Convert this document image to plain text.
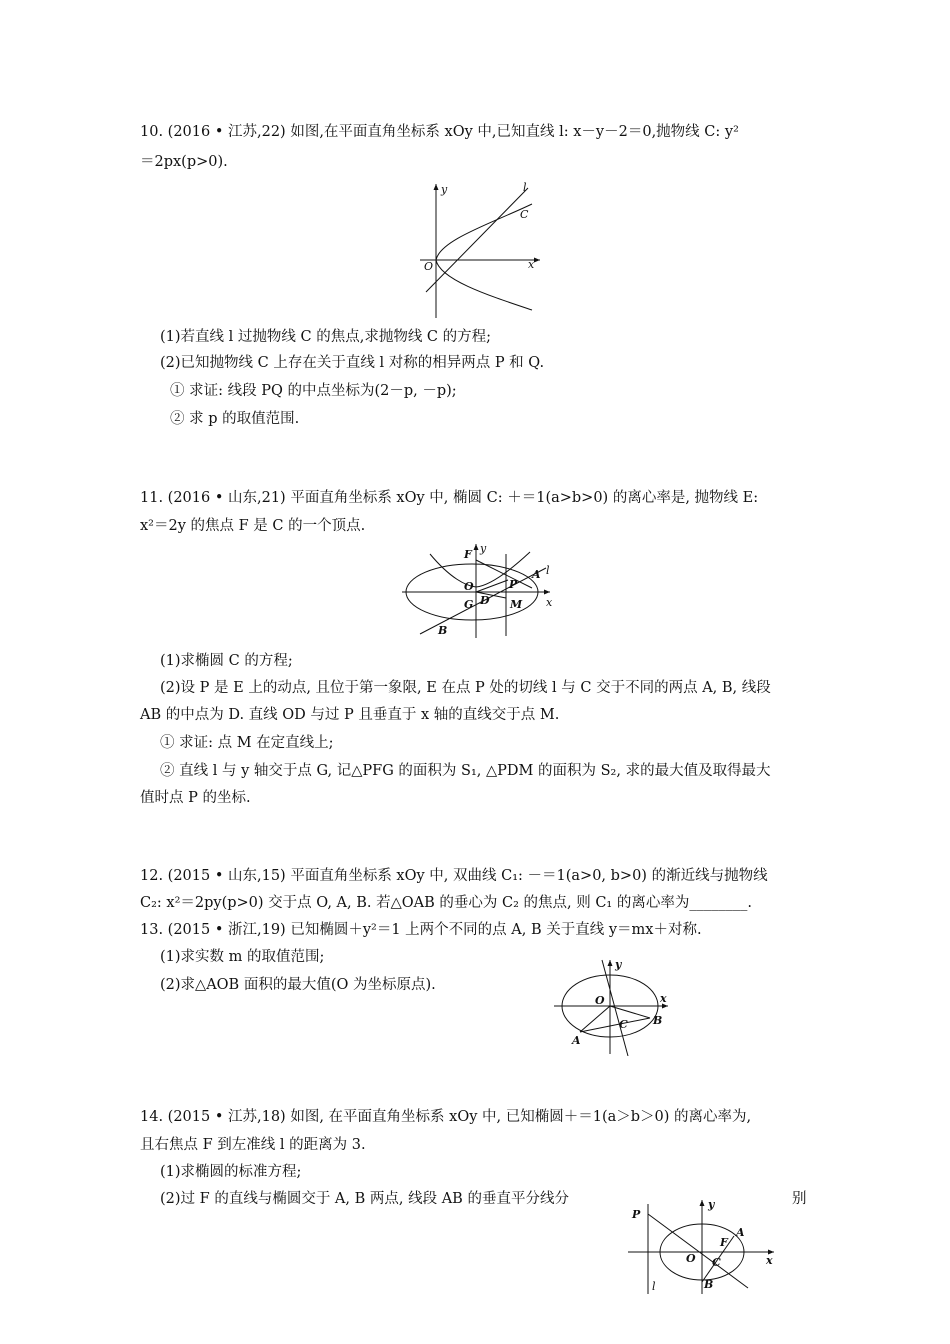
10. (2016 • 江苏,22) 如图,在平面直角坐标系 xOy 中,已知直线 l: x－y－2＝0,抛物线 C: y²
＝2px(p>0).
y
x
O
l
C
(1)若直线 l 过抛物线 C 的焦点,求抛物线 C 的方程;
(2)已知抛物线 C 上存在关于直线 l 对称的相异两点 P 和 Q.
① 求证: 线段 PQ 的中点坐标为(2－p, －p);
② 求 p 的取值范围.
11. (2016 • 山东,21) 平面直角坐标系 xOy 中, 椭圆 C: ＋＝1(a>b>0) 的离心率是, 抛物线 E:
x²＝2y 的焦点 F 是 C 的一个顶点.
F y
O	P
A l
G D M x
B
(1)求椭圆 C 的方程;
(2)设 P 是 E 上的动点, 且位于第一象限, E 在点 P 处的切线 l 与 C 交于不同的两点 A, B, 线段
AB 的中点为 D. 直线 OD 与过 P 且垂直于 x 轴的直线交于点 M.
① 求证: 点 M 在定直线上;
② 直线 l 与 y 轴交于点 G, 记△PFG 的面积为 S₁, △PDM 的面积为 S₂, 求的最大值及取得最大
值时点 P 的坐标.
12. (2015 • 山东,15) 平面直角坐标系 xOy 中, 双曲线 C₁: －＝1(a>0, b>0) 的渐近线与抛物线
C₂: x²＝2py(p>0) 交于点 O, A, B. 若△OAB 的垂心为 C₂ 的焦点, 则 C₁ 的离心率为________.
13. (2015 • 浙江,19) 已知椭圆＋y²＝1 上两个不同的点 A, B 关于直线 y＝mx＋对称.
(1)求实数 m 的取值范围;
(2)求△AOB 面积的最大值(O 为坐标原点).
y
O	x
B
C
A
14. (2015 • 江苏,18) 如图, 在平面直角坐标系 xOy 中, 已知椭圆＋＝1(a＞b＞0) 的离心率为,
且右焦点 F 到左准线 l 的距离为 3.
(1)求椭圆的标准方程;
(2)过 F 的直线与椭圆交于 A, B 两点, 线段 AB 的垂直平分线分	别
y
P
A
F
O	x
C
B
l
